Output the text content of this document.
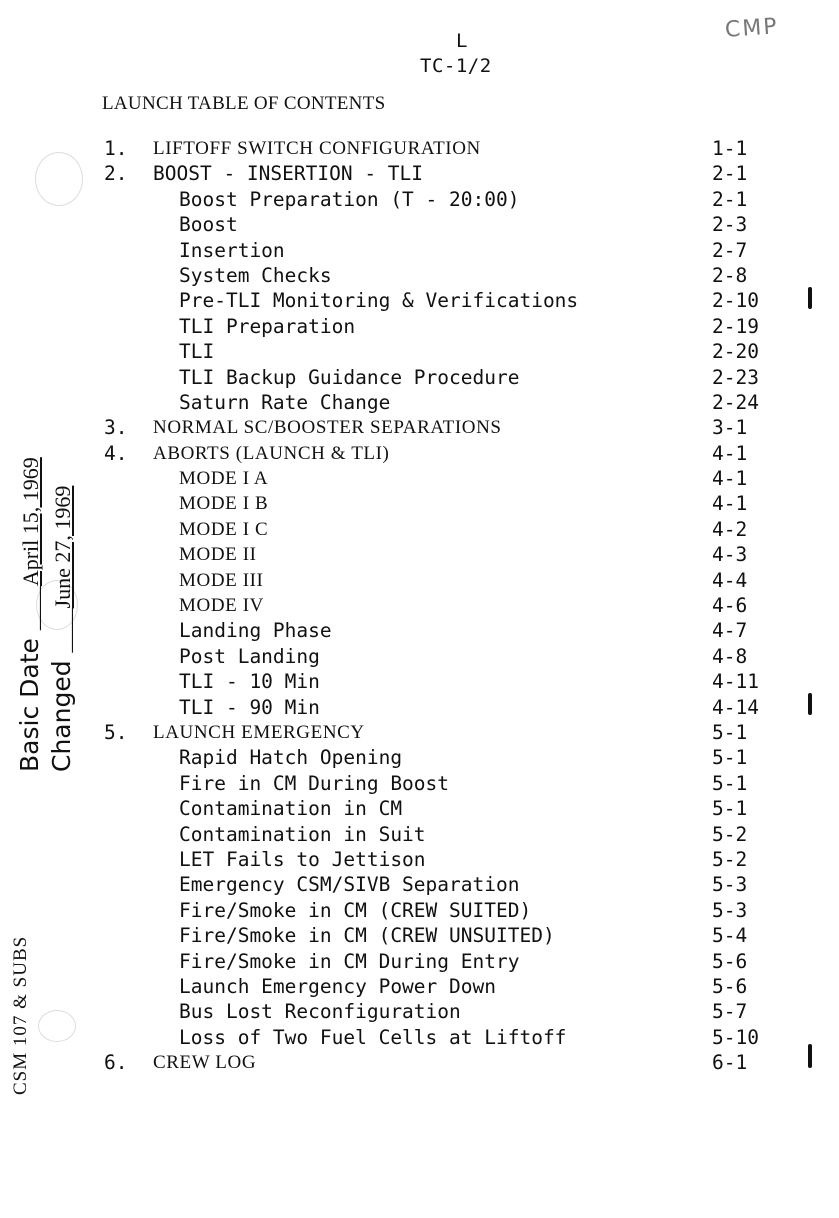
L
TC-1/2
CMP
LAUNCH TABLE OF CONTENTS
1. LIFTOFF SWITCH CONFIGURATION	1-1
2. BOOST - INSERTION - TLI	2-1
Boost Preparation (T - 20:00)	2-1
Boost	2-3
Insertion	2-7
System Checks	2-8
Pre-TLI Monitoring & Verifications	2-10
TLI Preparation	2-19
TLI	2-20
TLI Backup Guidance Procedure	2-23
Saturn Rate Change	2-24
3. NORMAL SC/BOOSTER SEPARATIONS	3-1
4. ABORTS (LAUNCH & TLI)	4-1
MODE I A	4-1
MODE I B	4-1
MODE I C	4-2
MODE II	4-3
MODE III	4-4
MODE IV	4-6
Landing Phase	4-7
Post Landing	4-8
TLI - 10 Min	4-11
TLI - 90 Min	4-14
5. LAUNCH EMERGENCY	5-1
Rapid Hatch Opening	5-1
Fire in CM During Boost	5-1
Contamination in CM	5-1
Contamination in Suit	5-2
LET Fails to Jettison	5-2
Emergency CSM/SIVB Separation	5-3
Fire/Smoke in CM (CREW SUITED)	5-3
Fire/Smoke in CM (CREW UNSUITED)	5-4
Fire/Smoke in CM During Entry	5-6
Launch Emergency Power Down	5-6
Bus Lost Reconfiguration	5-7
Loss of Two Fuel Cells at Liftoff	5-10
6. CREW LOG	6-1
Basic Date ____April 15, 1969
Changed ____June 27, 1969
CSM 107 & SUBS
